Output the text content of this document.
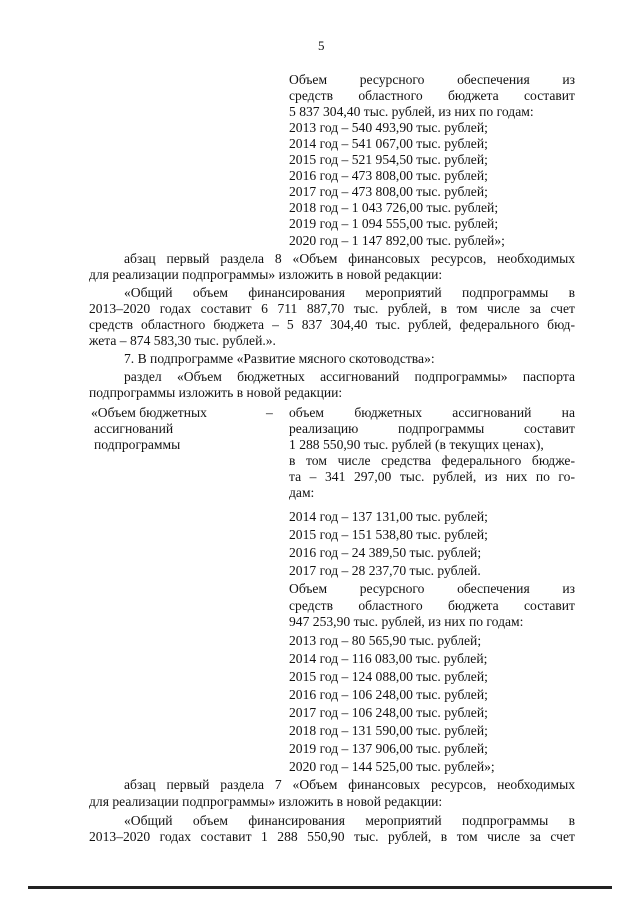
5
Объем ресурсного обеспечения из
средств областного бюджета составит
5 837 304,40 тыс. рублей, из них по годам:
2013 год – 540 493,90 тыс. рублей;
2014 год – 541 067,00 тыс. рублей;
2015 год – 521 954,50 тыс. рублей;
2016 год – 473 808,00 тыс. рублей;
2017 год – 473 808,00 тыс. рублей;
2018 год – 1 043 726,00 тыс. рублей;
2019 год – 1 094 555,00 тыс. рублей;
2020 год – 1 147 892,00 тыс. рублей»;
абзац первый раздела 8 «Объем финансовых ресурсов, необходимых
для реализации подпрограммы» изложить в новой редакции:
«Общий объем финансирования мероприятий подпрограммы в
2013–2020 годах составит 6 711 887,70 тыс. рублей, в том числе за счет
средств областного бюджета – 5 837 304,40 тыс. рублей, федерального бюд-
жета – 874 583,30 тыс. рублей.».
7. В подпрограмме «Развитие мясного скотоводства»:
раздел «Объем бюджетных ассигнований подпрограммы» паспорта
подпрограммы изложить в новой редакции:
«Объем бюджетных
ассигнований
подпрограммы
– объем бюджетных ассигнований на
реализацию подпрограммы составит
1 288 550,90 тыс. рублей (в текущих ценах),
в том числе средства федерального бюдже-
та – 341 297,00 тыс. рублей, из них по го-
дам:
2014 год – 137 131,00 тыс. рублей;
2015 год – 151 538,80 тыс. рублей;
2016 год – 24 389,50 тыс. рублей;
2017 год – 28 237,70 тыс. рублей.
Объем ресурсного обеспечения из
средств областного бюджета составит
947 253,90 тыс. рублей, из них по годам:
2013 год – 80 565,90 тыс. рублей;
2014 год – 116 083,00 тыс. рублей;
2015 год – 124 088,00 тыс. рублей;
2016 год – 106 248,00 тыс. рублей;
2017 год – 106 248,00 тыс. рублей;
2018 год – 131 590,00 тыс. рублей;
2019 год – 137 906,00 тыс. рублей;
2020 год – 144 525,00 тыс. рублей»;
абзац первый раздела 7 «Объем финансовых ресурсов, необходимых
для реализации подпрограммы» изложить в новой редакции:
«Общий объем финансирования мероприятий подпрограммы в
2013–2020 годах составит 1 288 550,90 тыс. рублей, в том числе за счет
